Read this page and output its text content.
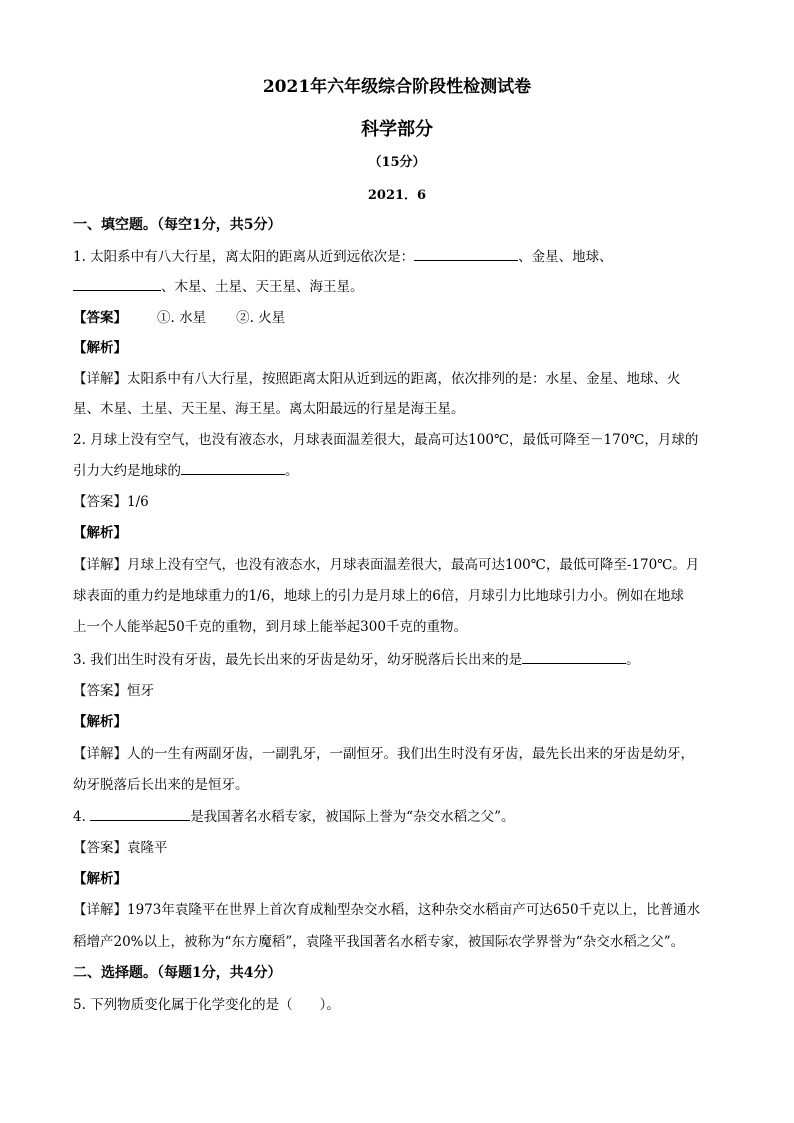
2021年六年级综合阶段性检测试卷
科学部分
（15分）
2021．6
一、填空题。（每空1分，共5分）
1. 太阳系中有八大行星，离太阳的距离从近到远依次是：	、金星、地球、
、木星、土星、天王星、海王星。
【答案】 ①. 水星 ②. 火星
【解析】
【详解】太阳系中有八大行星，按照距离太阳从近到远的距离，依次排列的是：水星、金星、地球、火
星、木星、土星、天王星、海王星。离太阳最远的行星是海王星。
2. 月球上没有空气，也没有液态水，月球表面温差很大，最高可达100℃，最低可降至－170℃，月球的
引力大约是地球的	。
【答案】1/6
【解析】
【详解】月球上没有空气，也没有液态水，月球表面温差很大，最高可达100℃，最低可降至-170℃。月
球表面的重力约是地球重力的1/6，地球上的引力是月球上的6倍，月球引力比地球引力小。例如在地球
上一个人能举起50千克的重物，到月球上能举起300千克的重物。
3. 我们出生时没有牙齿，最先长出来的牙齿是幼牙，幼牙脱落后长出来的是	。
【答案】恒牙
【解析】
【详解】人的一生有两副牙齿，一副乳牙，一副恒牙。我们出生时没有牙齿，最先长出来的牙齿是幼牙，
幼牙脱落后长出来的是恒牙。
4.	是我国著名水稻专家，被国际上誉为“杂交水稻之父”。
【答案】袁隆平
【解析】
【详解】1973年袁隆平在世界上首次育成籼型杂交水稻，这种杂交水稻亩产可达650千克以上，比普通水
稻增产20%以上，被称为“东方魔稻”，袁隆平我国著名水稻专家，被国际农学界誉为“杂交水稻之父”。
二、选择题。（每题1分，共4分）
5. 下列物质变化属于化学变化的是（　　）。
